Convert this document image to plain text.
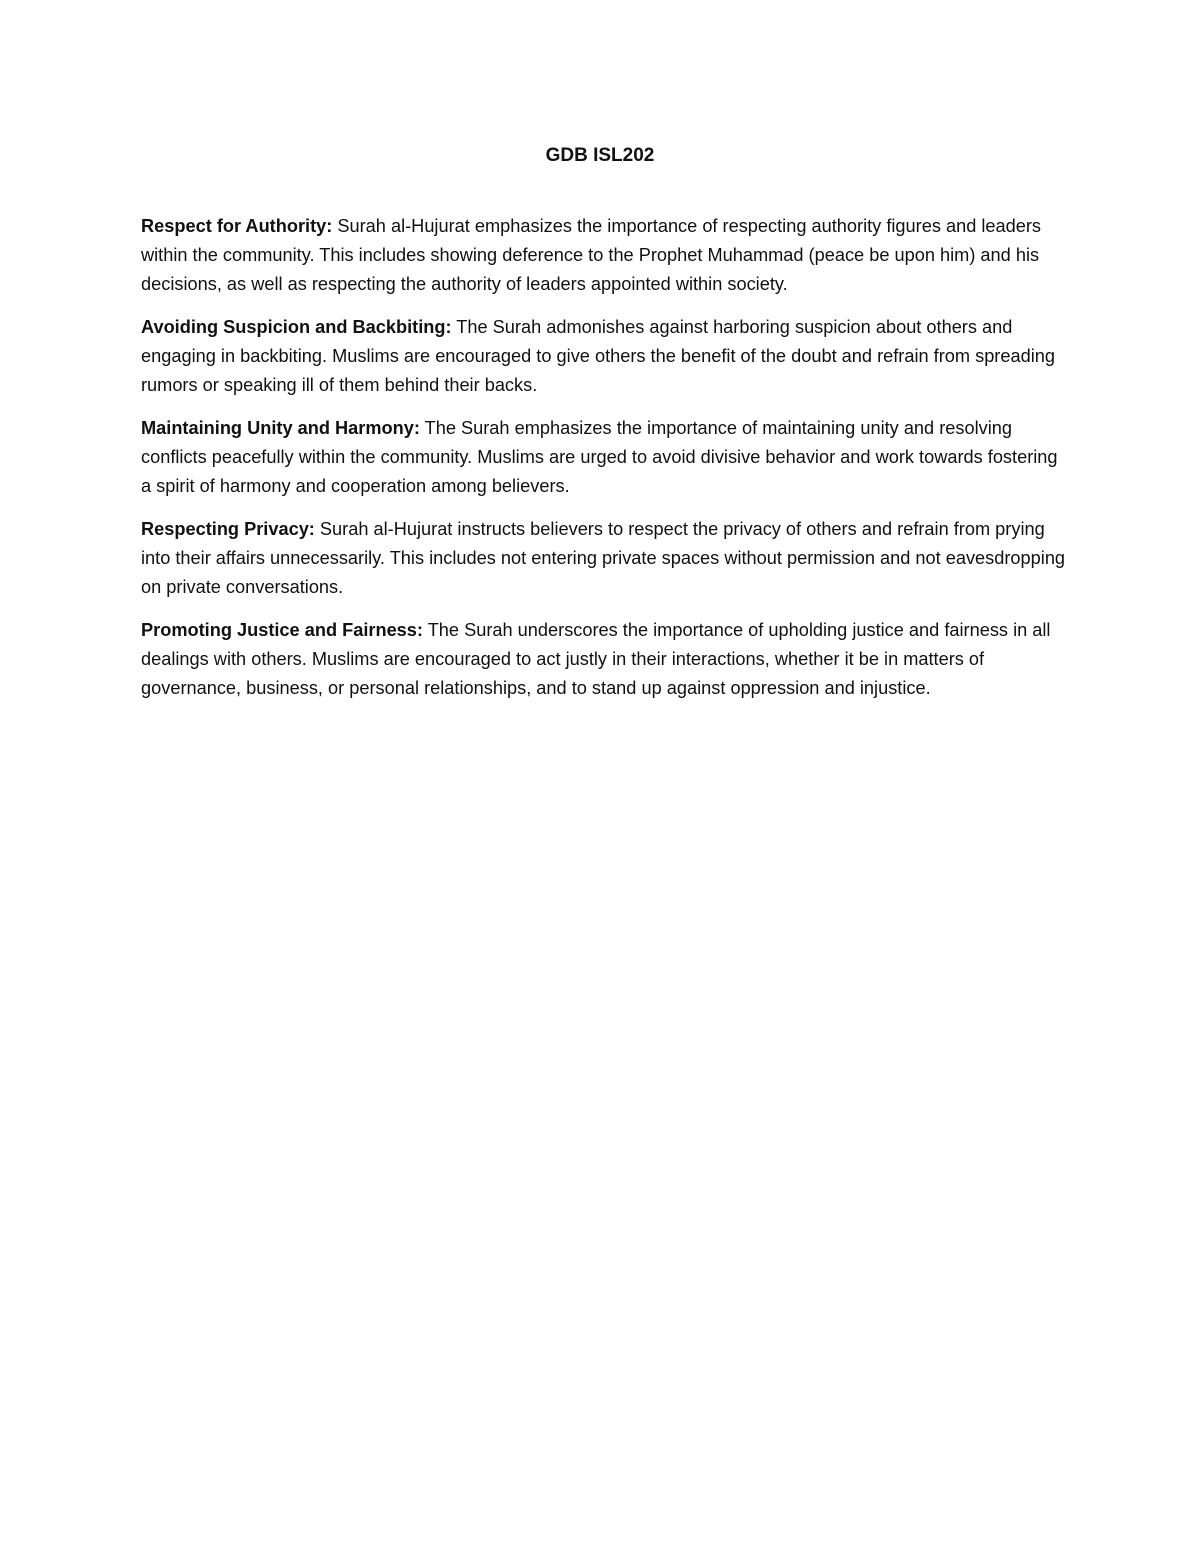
GDB ISL202

Respect for Authority: Surah al-Hujurat emphasizes the importance of respecting authority figures and leaders within the community. This includes showing deference to the Prophet Muhammad (peace be upon him) and his decisions, as well as respecting the authority of leaders appointed within society.

Avoiding Suspicion and Backbiting: The Surah admonishes against harboring suspicion about others and engaging in backbiting. Muslims are encouraged to give others the benefit of the doubt and refrain from spreading rumors or speaking ill of them behind their backs.

Maintaining Unity and Harmony: The Surah emphasizes the importance of maintaining unity and resolving conflicts peacefully within the community. Muslims are urged to avoid divisive behavior and work towards fostering a spirit of harmony and cooperation among believers.

Respecting Privacy: Surah al-Hujurat instructs believers to respect the privacy of others and refrain from prying into their affairs unnecessarily. This includes not entering private spaces without permission and not eavesdropping on private conversations.

Promoting Justice and Fairness: The Surah underscores the importance of upholding justice and fairness in all dealings with others. Muslims are encouraged to act justly in their interactions, whether it be in matters of governance, business, or personal relationships, and to stand up against oppression and injustice.
